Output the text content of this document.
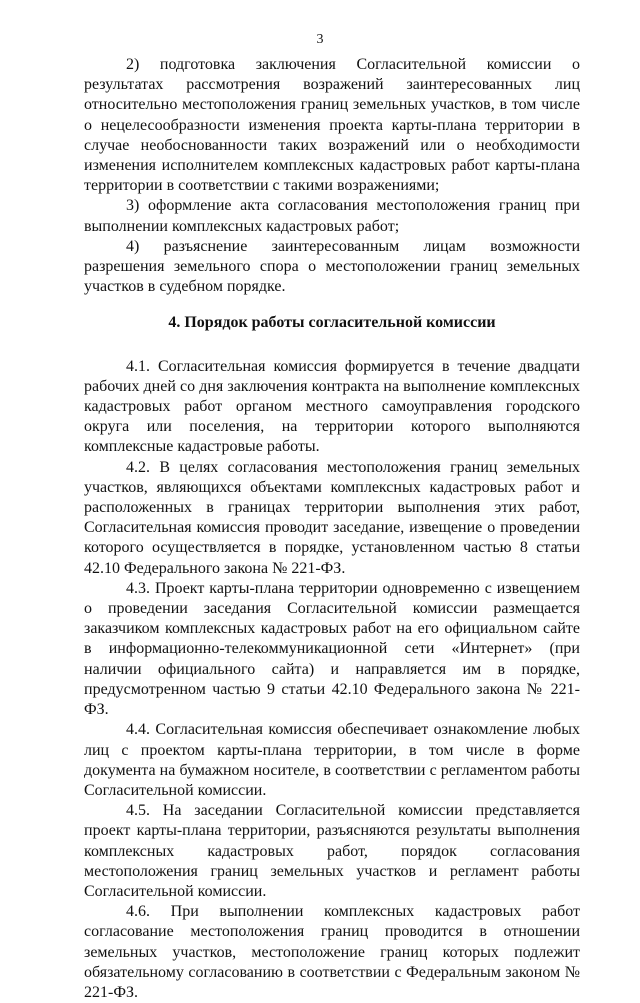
3

2) подготовка заключения Согласительной комиссии о результатах рассмотрения возражений заинтересованных лиц относительно местоположения границ земельных участков, в том числе о нецелесообразности изменения проекта карты-плана территории в случае необоснованности таких возражений или о необходимости изменения исполнителем комплексных кадастровых работ карты-плана территории в соответствии с такими возражениями;

3) оформление акта согласования местоположения границ при выполнении комплексных кадастровых работ;

4) разъяснение заинтересованным лицам возможности разрешения земельного спора о местоположении границ земельных участков в судебном порядке.

4. Порядок работы согласительной комиссии

4.1. Согласительная комиссия формируется в течение двадцати рабочих дней со дня заключения контракта на выполнение комплексных кадастровых работ органом местного самоуправления городского округа или поселения, на территории которого выполняются комплексные кадастровые работы.

4.2. В целях согласования местоположения границ земельных участков, являющихся объектами комплексных кадастровых работ и расположенных в границах территории выполнения этих работ, Согласительная комиссия проводит заседание, извещение о проведении которого осуществляется в порядке, установленном частью 8 статьи 42.10 Федерального закона № 221-ФЗ.

4.3. Проект карты-плана территории одновременно с извещением о проведении заседания Согласительной комиссии размещается заказчиком комплексных кадастровых работ на его официальном сайте в информационно-телекоммуникационной сети «Интернет» (при наличии официального сайта) и направляется им в порядке, предусмотренном частью 9 статьи 42.10 Федерального закона № 221-ФЗ.

4.4. Согласительная комиссия обеспечивает ознакомление любых лиц с проектом карты-плана территории, в том числе в форме документа на бумажном носителе, в соответствии с регламентом работы Согласительной комиссии.

4.5. На заседании Согласительной комиссии представляется проект карты-плана территории, разъясняются результаты выполнения комплексных кадастровых работ, порядок согласования местоположения границ земельных участков и регламент работы Согласительной комиссии.

4.6. При выполнении комплексных кадастровых работ согласование местоположения границ проводится в отношении земельных участков, местоположение границ которых подлежит обязательному согласованию в соответствии с Федеральным законом № 221-ФЗ.
